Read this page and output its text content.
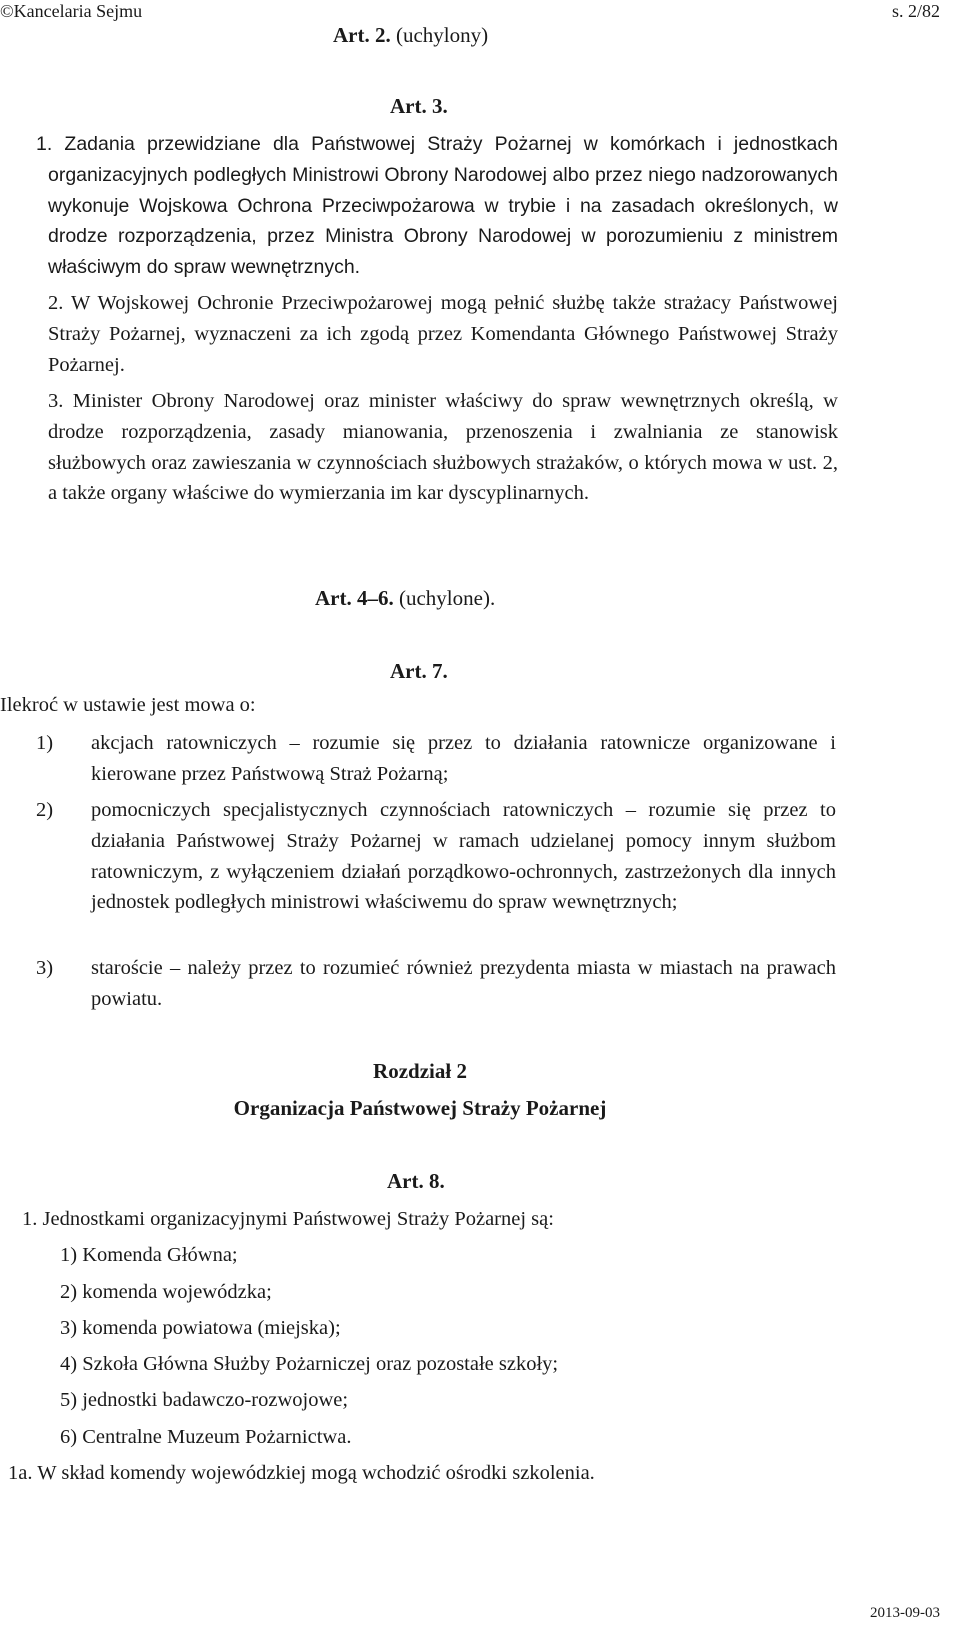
©Kancelaria Sejmu	s. 2/82
Art. 2. (uchylony)
Art. 3.
1. Zadania przewidziane dla Państwowej Straży Pożarnej w komórkach i jednostkach organizacyjnych podległych Ministrowi Obrony Narodowej albo przez niego nadzorowanych wykonuje Wojskowa Ochrona Przeciwpożarowa w trybie i na zasadach określonych, w drodze rozporządzenia, przez Ministra Obrony Narodowej w porozumieniu z ministrem właściwym do spraw wewnętrznych.
2. W Wojskowej Ochronie Przeciwpożarowej mogą pełnić służbę także strażacy Państwowej Straży Pożarnej, wyznaczeni za ich zgodą przez Komendanta Głównego Państwowej Straży Pożarnej.
3. Minister Obrony Narodowej oraz minister właściwy do spraw wewnętrznych określą, w drodze rozporządzenia, zasady mianowania, przenoszenia i zwalniania ze stanowisk służbowych oraz zawieszania w czynnościach służbowych strażaków, o których mowa w ust. 2, a także organy właściwe do wymierzania im kar dyscyplinarnych.
Art. 4–6. (uchylone).
Art. 7.
Ilekroć w ustawie jest mowa o:
1) akcjach ratowniczych – rozumie się przez to działania ratownicze organizowane i kierowane przez Państwową Straż Pożarną;
2) pomocniczych specjalistycznych czynnościach ratowniczych – rozumie się przez to działania Państwowej Straży Pożarnej w ramach udzielanej pomocy innym służbom ratowniczym, z wyłączeniem działań porządkowo-ochronnych, zastrzeżonych dla innych jednostek podległych ministrowi właściwemu do spraw wewnętrznych;
3) staroście – należy przez to rozumieć również prezydenta miasta w miastach na prawach powiatu.
Rozdział 2
Organizacja Państwowej Straży Pożarnej
Art. 8.
1. Jednostkami organizacyjnymi Państwowej Straży Pożarnej są:
1) Komenda Główna;
2) komenda wojewódzka;
3) komenda powiatowa (miejska);
4) Szkoła Główna Służby Pożarniczej oraz pozostałe szkoły;
5) jednostki badawczo-rozwojowe;
6) Centralne Muzeum Pożarnictwa.
1a. W skład komendy wojewódzkiej mogą wchodzić ośrodki szkolenia.
2013-09-03
